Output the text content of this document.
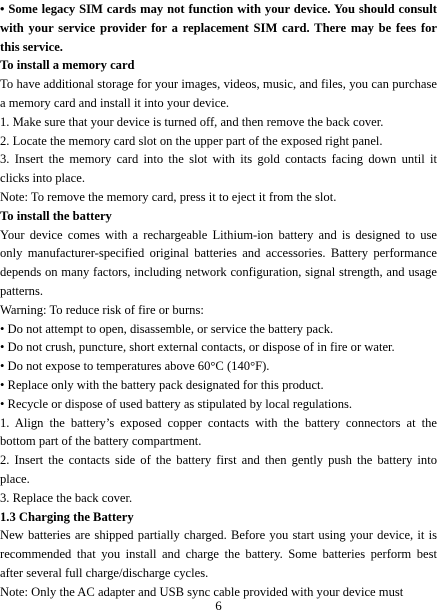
• Some legacy SIM cards may not function with your device. You should consult with your service provider for a replacement SIM card. There may be fees for this service.

To install a memory card

To have additional storage for your images, videos, music, and files, you can purchase a memory card and install it into your device.

1. Make sure that your device is turned off, and then remove the back cover.

2. Locate the memory card slot on the upper part of the exposed right panel.

3. Insert the memory card into the slot with its gold contacts facing down until it clicks into place.

Note: To remove the memory card, press it to eject it from the slot.

To install the battery

Your device comes with a rechargeable Lithium-ion battery and is designed to use only manufacturer-specified original batteries and accessories. Battery performance depends on many factors, including network configuration, signal strength, and usage patterns.

Warning: To reduce risk of fire or burns:

• Do not attempt to open, disassemble, or service the battery pack.

• Do not crush, puncture, short external contacts, or dispose of in fire or water.

• Do not expose to temperatures above 60°C (140°F).

• Replace only with the battery pack designated for this product.

• Recycle or dispose of used battery as stipulated by local regulations.

1. Align the battery’s exposed copper contacts with the battery connectors at the bottom part of the battery compartment.

2. Insert the contacts side of the battery first and then gently push the battery into place.

3. Replace the back cover.

1.3 Charging the Battery

New batteries are shipped partially charged. Before you start using your device, it is recommended that you install and charge the battery. Some batteries perform best after several full charge/discharge cycles.

Note: Only the AC adapter and USB sync cable provided with your device must

6
